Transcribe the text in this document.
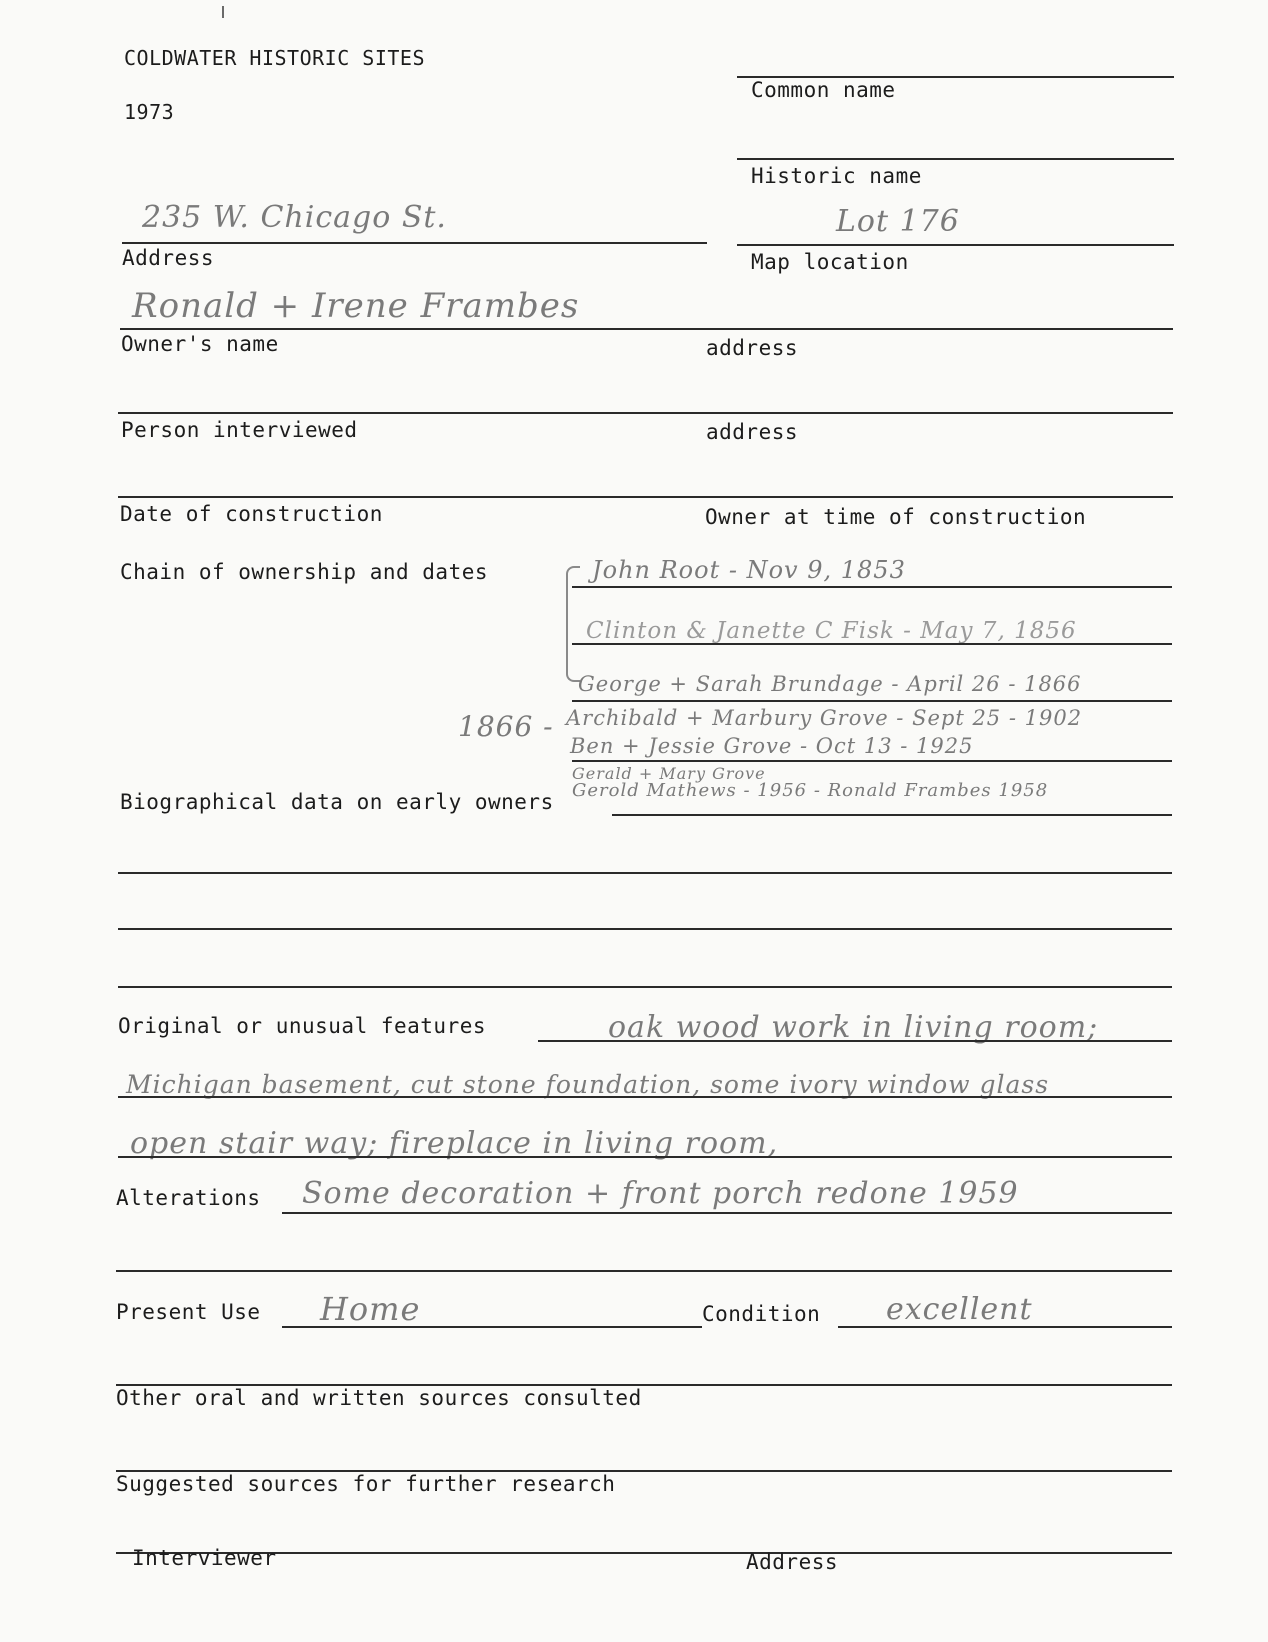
COLDWATER HISTORIC SITES
1973
Common name
Historic name
235 W. Chicago St.
Address
Lot 176
Map location
Ronald + Irene Frambes
Owner's name	address
Person interviewed	address
Date of construction	Owner at time of construction
Chain of ownership and dates	John Root - Nov 9, 1853
Clinton & Janette C Fisk - May 7, 1856
George + Sarah Brundage - April 26 - 1866
1866 - Archibald + Marbury Grove - Sept 25 - 1902
Ben + Jessie Grove - Oct 13 - 1925
Gerald + Mary Grove
Gerold Mathews - 1956 - Ronald Frambes 1958
Biographical data on early owners
Original or unusual features	oak wood work in living room;
Michigan basement, cut stone foundation, some ivory window glass
open stair way; fireplace in living room,
Alterations Some decoration + front porch redone 1959
Present Use Home	Condition excellent
Other oral and written sources consulted
Suggested sources for further research
Interviewer	Address
